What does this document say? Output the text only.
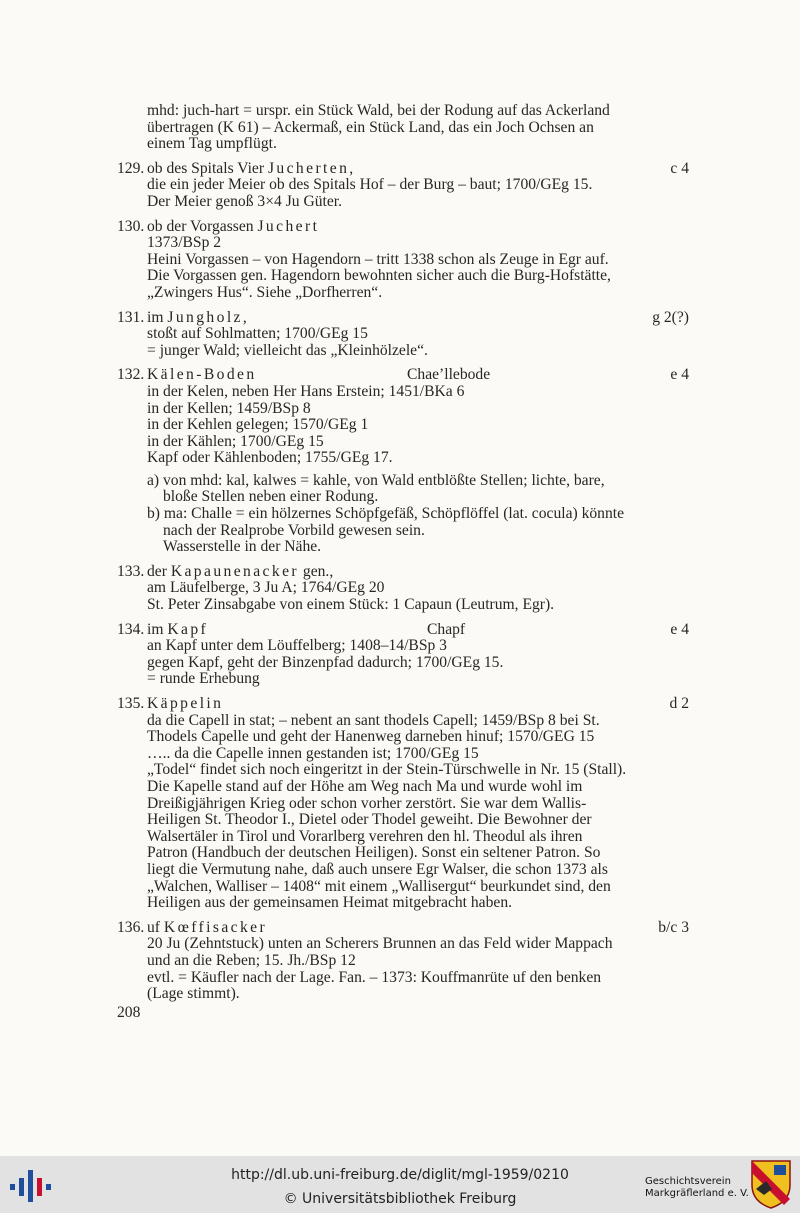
mhd: juch-hart = urspr. ein Stück Wald, bei der Rodung auf das Ackerland
übertragen (K 61) – Ackermaß, ein Stück Land, das ein Joch Ochsen an
einem Tag umpflügt.
129. ob des Spitals Vier Jucherten,	c 4
die ein jeder Meier ob des Spitals Hof – der Burg – baut; 1700/GEg 15.
Der Meier genoß 3×4 Ju Güter.
130. ob der Vorgassen Juchert
1373/BSp 2
Heini Vorgassen – von Hagendorn – tritt 1338 schon als Zeuge in Egr auf.
Die Vorgassen gen. Hagendorn bewohnten sicher auch die Burg-Hofstätte,
„Zwingers Hus“. Siehe „Dorfherren“.
131. im Jungholz,	g 2(?)
stoßt auf Sohlmatten; 1700/GEg 15
= junger Wald; vielleicht das „Kleinhölzele“.
132. Kälen-Boden	Chae’llebode	e 4
in der Kelen, neben Her Hans Erstein; 1451/BKa 6
in der Kellen; 1459/BSp 8
in der Kehlen gelegen; 1570/GEg 1
in der Kählen; 1700/GEg 15
Kapf oder Kählenboden; 1755/GEg 17.
a) von mhd: kal, kalwes = kahle, von Wald entblößte Stellen; lichte, bare,
bloße Stellen neben einer Rodung.
b) ma: Challe = ein hölzernes Schöpfgefäß, Schöpflöffel (lat. cocula) könnte
nach der Realprobe Vorbild gewesen sein.
Wasserstelle in der Nähe.
133. der Kapaunenacker gen.,
am Läufelberge, 3 Ju A; 1764/GEg 20
St. Peter Zinsabgabe von einem Stück: 1 Capaun (Leutrum, Egr).
134. im Kapf	Chapf	e 4
an Kapf unter dem Löuffelberg; 1408–14/BSp 3
gegen Kapf, geht der Binzenpfad dadurch; 1700/GEg 15.
= runde Erhebung
135. Käppelin	d 2
da die Capell in stat; – nebent an sant thodels Capell; 1459/BSp 8 bei St.
Thodels Capelle und geht der Hanenweg darneben hinuf; 1570/GEG 15
….. da die Capelle innen gestanden ist; 1700/GEg 15
„Todel“ findet sich noch eingeritzt in der Stein-Türschwelle in Nr. 15 (Stall).
Die Kapelle stand auf der Höhe am Weg nach Ma und wurde wohl im
Dreißigjährigen Krieg oder schon vorher zerstört. Sie war dem Wallis-
Heiligen St. Theodor I., Dietel oder Thodel geweiht. Die Bewohner der
Walsertäler in Tirol und Vorarlberg verehren den hl. Theodul als ihren
Patron (Handbuch der deutschen Heiligen). Sonst ein seltener Patron. So
liegt die Vermutung nahe, daß auch unsere Egr Walser, die schon 1373 als
„Walchen, Walliser – 1408“ mit einem „Wallisergut“ beurkundet sind, den
Heiligen aus der gemeinsamen Heimat mitgebracht haben.
136. uf Kœffisacker	b/c 3
20 Ju (Zehntstuck) unten an Scherers Brunnen an das Feld wider Mappach
und an die Reben; 15. Jh./BSp 12
evtl. = Käufler nach der Lage. Fan. – 1373: Kouffmanrüte uf den benken
(Lage stimmt).
208
http://dl.ub.uni-freiburg.de/diglit/mgl-1959/0210
© Universitätsbibliothek Freiburg
Geschichtsverein
Markgräflerland e. V.
